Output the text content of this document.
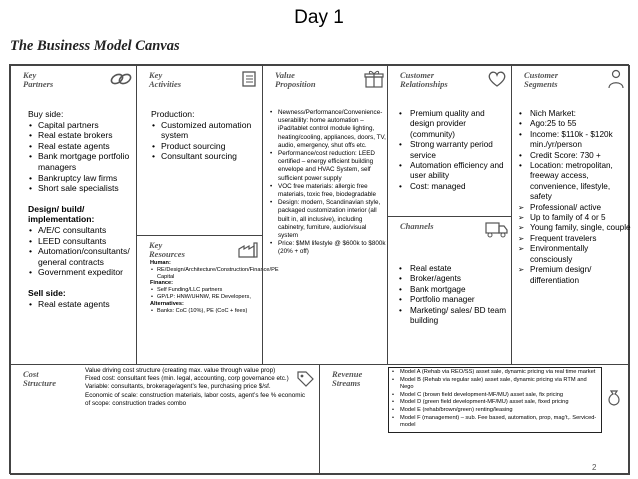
Day 1
The Business Model Canvas
Key
Partners
Buy side:
• Capital partners
• Real estate brokers
• Real estate agents
• Bank mortgage portfolio managers
• Bankruptcy law firms
• Short sale specialists
Design/ build/ implementation:
• A/E/C consultants
• LEED consultants
• Automation/consultants/ general contracts
• Government expeditor
Sell side:
• Real estate agents
Key
Activities
Production:
• Customized automation system
• Product sourcing
• Consultant sourcing
Key
Resources
Human:
• RE/Design/Architecture/Construction/Finance/PE Capital
Finance:
• Self Funding/LLC partners
• GP/LP: HNW/UHNW, RE Developers,
Alternatives:
• Banks: CoC (10%), PE (CoC + fees)
Value
Proposition
• Newness/Performance/Convenience-userability: home automation – iPad/tablet control module lighting, heating/cooling, appliances, doors, TV, audio, emergency, shut offs etc.
• Performance/cost reduction: LEED certified – energy efficient building envelope and HVAC System, self sufficient power supply
• VOC free materials: allergic free materials, toxic free, biodegradable
• Design: modern, Scandinavian style, packaged customization interior (all built in, all inclusive), including cabinetry, furniture, audio/visual system
• Price: $MM lifestyle @ $600k to $800k (20% + off)
Customer
Relationships
• Premium quality and design provider (community)
• Strong warranty period service
• Automation efficiency and user ability
• Cost: managed
Channels
• Real estate
• Broker/agents
• Bank mortgage
• Portfolio manager
• Marketing/ sales/ BD team building
Customer
Segments
• Nich Market:
• Ago:25 to 55
• Income: $110k - $120k min./yr/person
• Credit Score: 730 +
• Location: metropolitan, freeway access, convenience, lifestyle, safety
➢ Professional/ active
➢ Up to family of 4 or 5
➢ Young family, single, couple
➢ Frequent travelers
➢ Environmentally consciously
➢ Premium design/ differentiation
Cost
Structure
Value driving cost structure (creating max. value through value prop)
Fixed cost: consultant fees (min. legal, accounting, corp governance etc.)
Variable: consultants, brokerage/agent’s fee, purchasing price $/sf.
Economic of scale: construction materials, labor costs, agent’s fee % economic of scope: construction trades combo
Revenue
Streams
• Model A (Rehab via REO/SS) asset sale, dynamic pricing via real time market
• Model B (Rehab via regular sale) asset sale, dynamic pricing via RTM and Nego
• Model C (brown field development-MF/MU) asset sale, fix pricing
• Model D (green field development-MF/MU) asset sale, fixed pricing
• Model E (rehab/brown/green) renting/leasing
• Model F (management) – sub. Fee based, automation, prop, mag’t,. Serviced-model
2
